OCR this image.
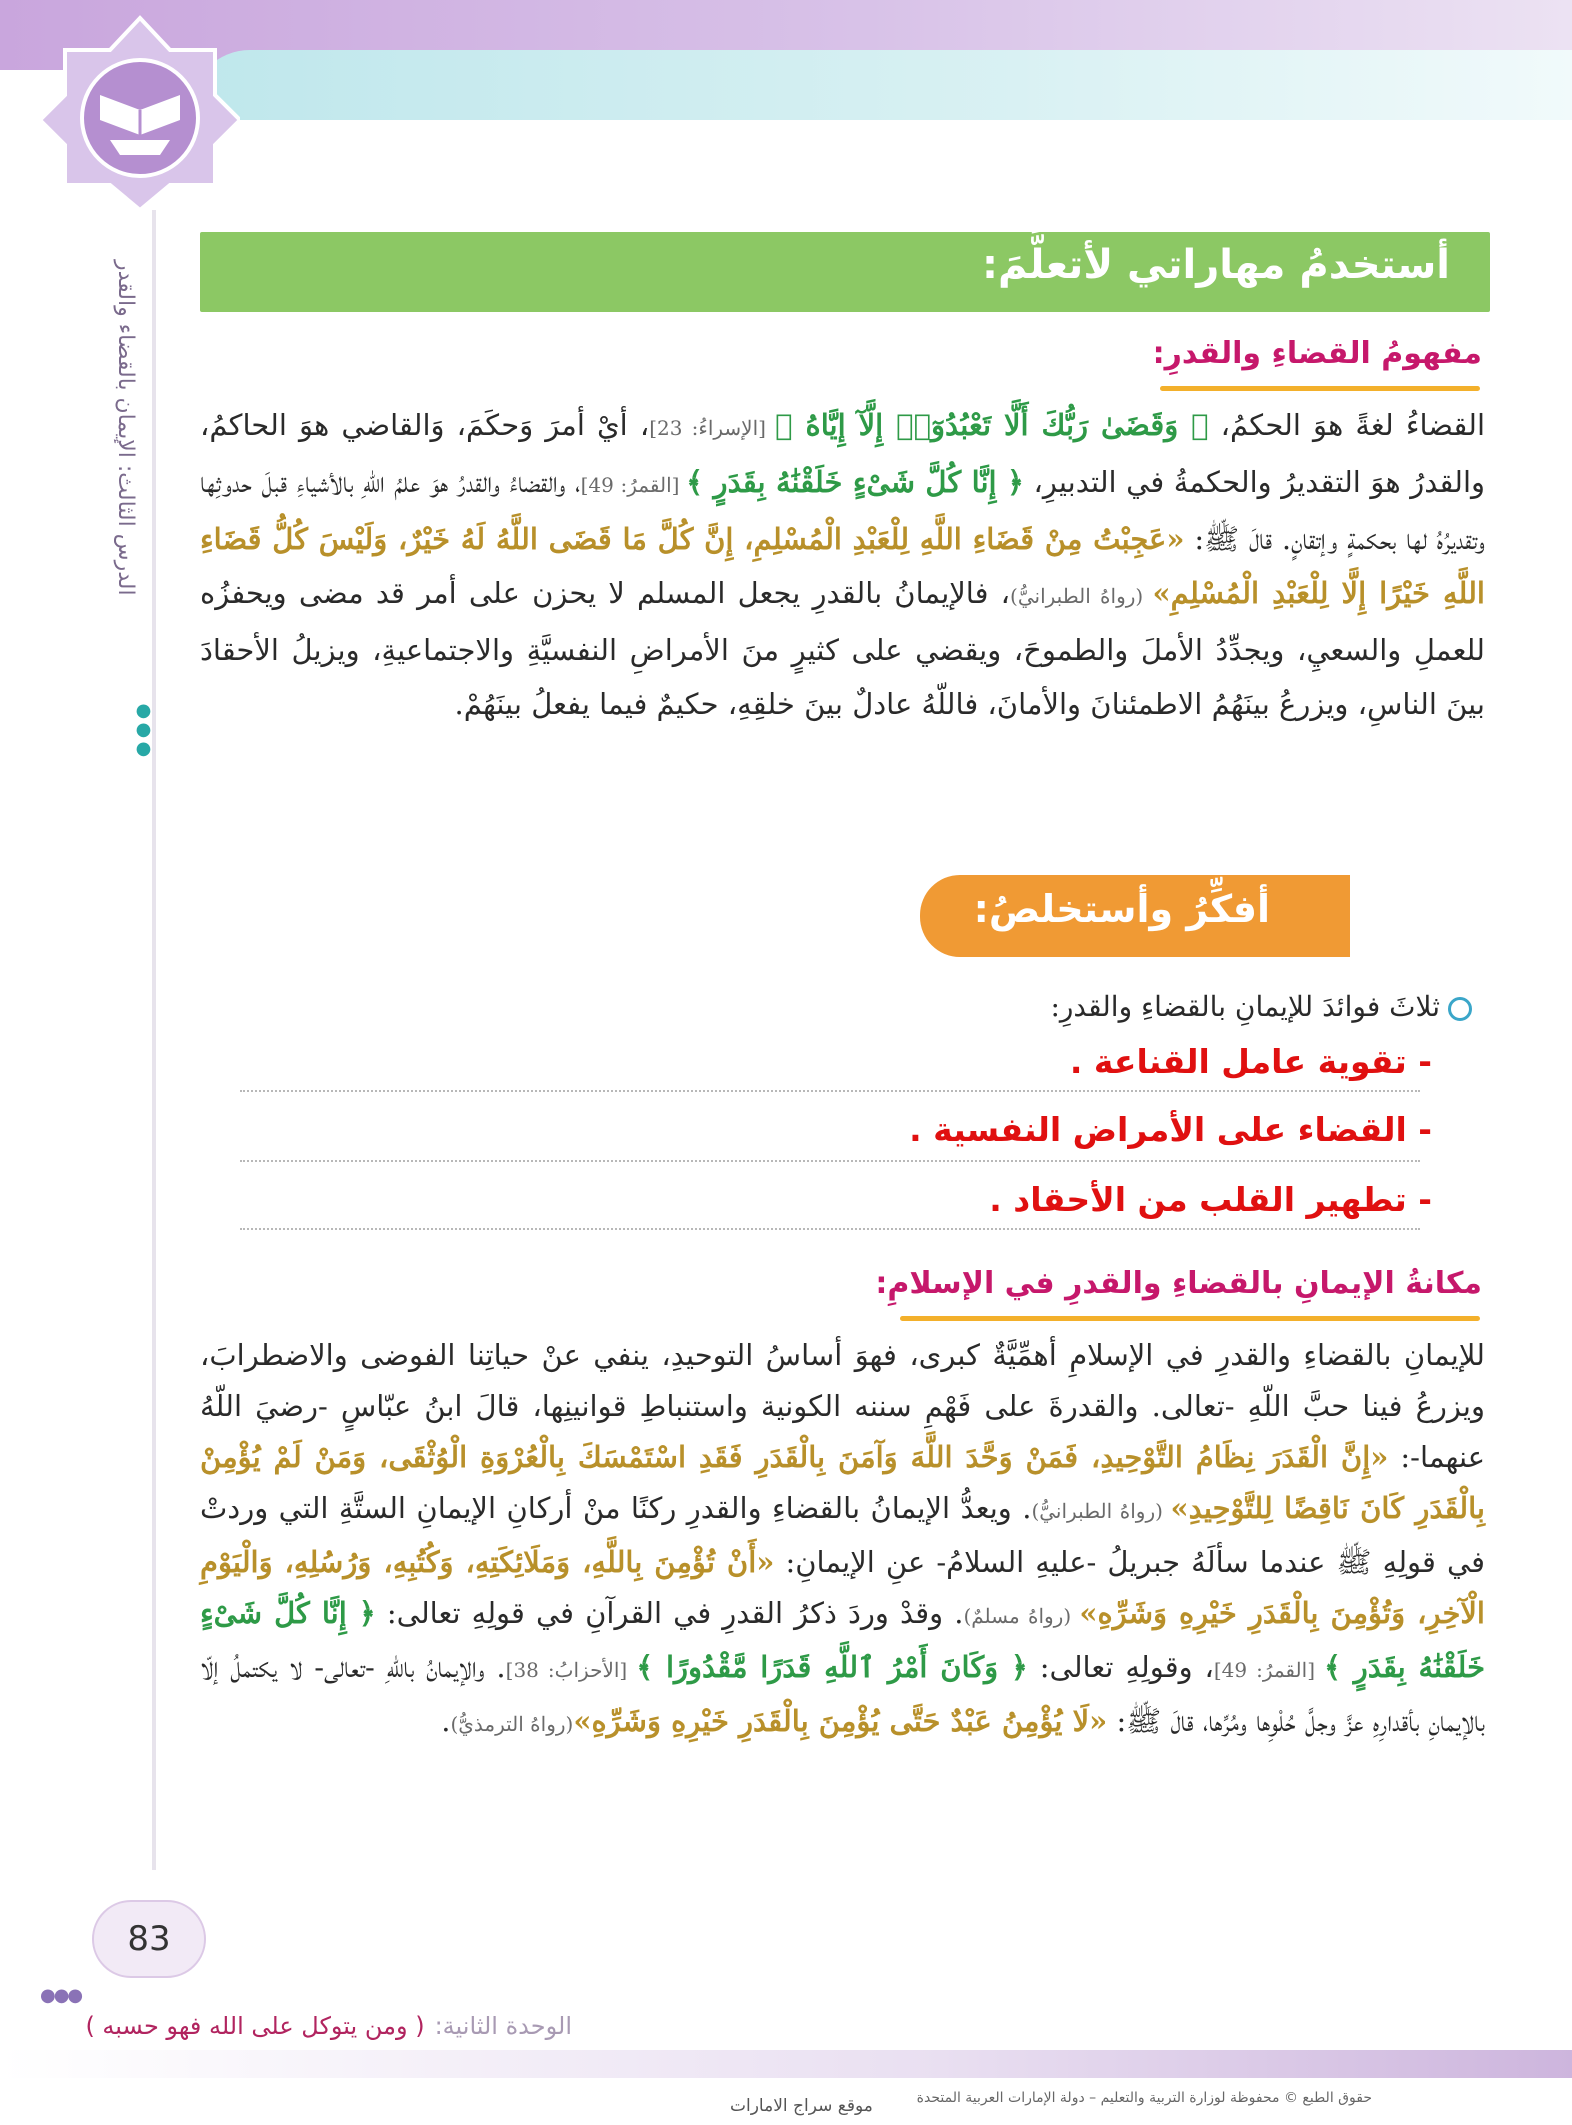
الدرس الثالث: الإيمان بالقضاء والقدر
●●●
أستخدمُ مهاراتي لأتعلَّمَ:
مفهومُ القضاءِ والقدرِ:
القضاءُ لغةً هوَ الحكمُ، ﴿ وَقَضَىٰ رَبُّكَ أَلَّا تَعْبُدُوٓا۟ إِلَّآ إِيَّاهُ ﴾ [الإسراءُ: 23]، أيْ أمرَ وَحكَمَ، وَالقاضي هوَ الحاكمُ، والقدرُ هوَ التقديرُ والحكمةُ في التدبيرِ، ﴿ إِنَّا كُلَّ شَىْءٍ خَلَقْنَٰهُ بِقَدَرٍ ﴾ [القمرُ: 49]، والقضاءُ والقدرُ هوَ علمُ اللّهِ بالأشياءِ قبلَ حدوثِها وتقديرُهُ لها بحكمةٍ وإتقانٍ. قالَ ﷺ: «عَجِبْتُ مِنْ قَضَاءِ اللَّهِ لِلْعَبْدِ الْمُسْلِمِ، إِنَّ كُلَّ مَا قَضَى اللَّهُ لَهُ خَيْرٌ، وَلَيْسَ كُلُّ قَضَاءِ اللَّهِ خَيْرًا إِلَّا لِلْعَبْدِ الْمُسْلِمِ» (رواهُ الطبرانيُّ)، فالإيمانُ بالقدرِ يجعل المسلم لا يحزن على أمر قد مضى ويحفزُه للعملِ والسعيِ، ويجدِّدُ الأملَ والطموحَ، ويقضي على كثيرٍ منَ الأمراضِ النفسيَّةِ والاجتماعيةِ، ويزيلُ الأحقادَ بينَ الناسِ، ويزرعُ بينَهُمُ الاطمئنانَ والأمانَ، فاللّهُ عادلٌ بينَ خلقِهِ، حكيمٌ فيما يفعلُ بينَهُمْ.
أفكِّرُ وأستخلصُ:
ثلاثَ فوائدَ للإيمانِ بالقضاءِ والقدرِ:
- تقوية عامل القناعة .
- القضاء على الأمراض النفسية .
- تطهير القلب من الأحقاد .
مكانةُ الإيمانِ بالقضاءِ والقدرِ في الإسلامِ:
للإيمانِ بالقضاءِ والقدرِ في الإسلامِ أهمِّيَّةٌ كبرى، فهوَ أساسُ التوحيدِ، ينفي عنْ حياتِنا الفوضى والاضطرابَ، ويزرعُ فينا حبَّ اللّهِ -تعالى. والقدرةَ على فَهْمِ سننه الكونية واستنباطِ قوانينِها، قالَ ابنُ عبّاسٍ -رضيَ اللّهُ عنهما-: «إِنَّ الْقَدَرَ نِظَامُ التَّوْحِيدِ، فَمَنْ وَحَّدَ اللَّهَ وَآمَنَ بِالْقَدَرِ فَقَدِ اسْتَمْسَكَ بِالْعُرْوَةِ الْوُثْقَى، وَمَنْ لَمْ يُؤْمِنْ بِالْقَدَرِ كَانَ نَاقِضًا لِلتَّوْحِيدِ» (رواهُ الطبرانيُّ). ويعدُّ الإيمانُ بالقضاءِ والقدرِ ركنًا منْ أركانِ الإيمانِ الستَّةِ التي وردتْ في قولِهِ ﷺ عندما سألَهُ جبريلُ -عليهِ السلامُ- عنِ الإيمانِ: «أَنْ تُؤْمِنَ بِاللَّهِ، وَمَلَائِكَتِهِ، وَكُتُبِهِ، وَرُسُلِهِ، وَالْيَوْمِ الْآخِرِ، وَتُؤْمِنَ بِالْقَدَرِ خَيْرِهِ وَشَرِّهِ» (رواهُ مسلمٌ). وقدْ وردَ ذكرُ القدرِ في القرآنِ في قولِهِ تعالى: ﴿ إِنَّا كُلَّ شَىْءٍ خَلَقْنَٰهُ بِقَدَرٍ ﴾ [القمرُ: 49]، وقولِهِ تعالى: ﴿ وَكَانَ أَمْرُ ٱللَّهِ قَدَرًا مَّقْدُورًا ﴾ [الأحزابُ: 38]. والإيمانُ باللّهِ -تعالى- لا يكتملُ إلّا بالإيمانِ بأقدارِهِ عزَّ وجلَّ حُلْوِها ومُرِّها، قالَ ﷺ: «لَا يُؤْمِنُ عَبْدٌ حَتَّى يُؤْمِنَ بِالْقَدَرِ خَيْرِهِ وَشَرِّهِ»(رواهُ الترمذيُّ).
83
●●●
الوحدة الثانية:( ومن يتوكل على الله فهو حسبه )
حقوق الطبع © محفوظة لوزارة التربية والتعليم – دولة الإمارات العربية المتحدة
موقع سراج الامارات
